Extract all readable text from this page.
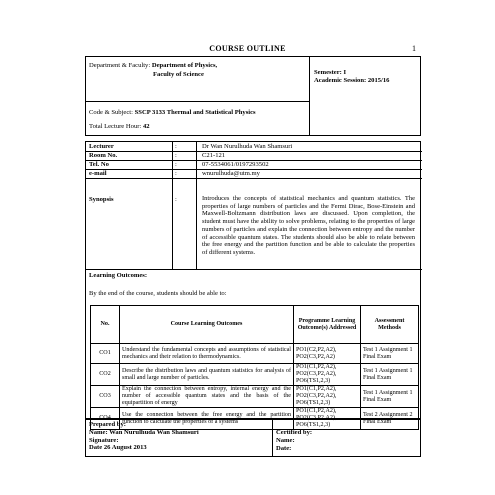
COURSE OUTLINE	1
Department & Faculty: Department of Physics,
Faculty of Science
Code & Subject: SSCP 3133 Thermal and Statistical Physics
Total Lecture Hour: 42
Semester: I
Academic Session: 2015/16
Lecturer	:	Dr Wan Nurulhuda Wan Shamsuri
Room No.	:	C21-121
Tel. No	:	07-5534061/0197293502
e-mail	:	wnurulhuda@utm.my
Synopsis	:	Introduces the concepts of statistical mechanics and quantum statistics. The properties of large numbers of particles and the Fermi Dirac, Bose-Einstein and Maxwell-Boltzmann distribution laws are discussed. Upon completion, the student must have the ability to solve problems, relating to the properties of large numbers of particles and explain the connection between entropy and the number of accessible quantum states. The students should also be able to relate between the free energy and the partition function and be able to calculate the properties of different systems.
Learning Outcomes:
By the end of the course, students should be able to:
No.	Course Learning Outcomes	Programme Learning Outcome(s) Addressed	Assessment Methods
CO1	Understand the fundamental concepts and assumptions of statistical mechanics and their relation to thermodynamics.	PO1(C2,P2,A2), PO2(C3,P2,A2)	Test 1 Assignment 1 Final Exam
CO2	Describe the distribution laws and quantum statistics for analysis of small and large number of particles.	PO1(C1,P2,A2), PO2(C3,P2,A2), PO6(TS1,2,3)	Test 1 Assignment 1 Final Exam
CO3	Explain the connection between entropy, internal energy and the number of accessible quantum states and the basis of the equipartition of energy	PO1(C1,P2,A2), PO2(C3,P2,A2), PO6(TS1,2,3)	Test 1 Assignment 1 Final Exam
CO4	Use the connection between the free energy and the partition function to calculate the properties of a systems	PO1(C1,P2,A2), PO2(C3,P2,A2), PO6(TS1,2,3)	Test 2 Assignment 2 Final Exam
Prepared by:
Name: Wan Nurulhuda Wan Shamsuri
Signature:
Date 26 August 2013
Certified by:
Name:
Date:
